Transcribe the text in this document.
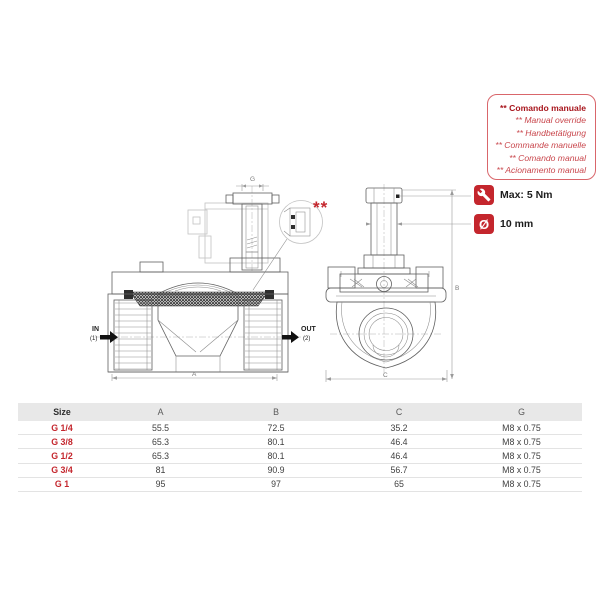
G
IN
(1)
OUT
(2)
A
**
C
B
** Comando manuale
** Manual override
** Handbetätigung
** Commande manuelle
** Comando manual
** Acionamento manual
Max: 5 Nm
Ø 10 mm
Size	A	B	C	G
G 1/4	55.5	72.5	35.2	M8 x 0.75
G 3/8	65.3	80.1	46.4	M8 x 0.75
G 1/2	65.3	80.1	46.4	M8 x 0.75
G 3/4	81	90.9	56.7	M8 x 0.75
G 1	95	97	65	M8 x 0.75
